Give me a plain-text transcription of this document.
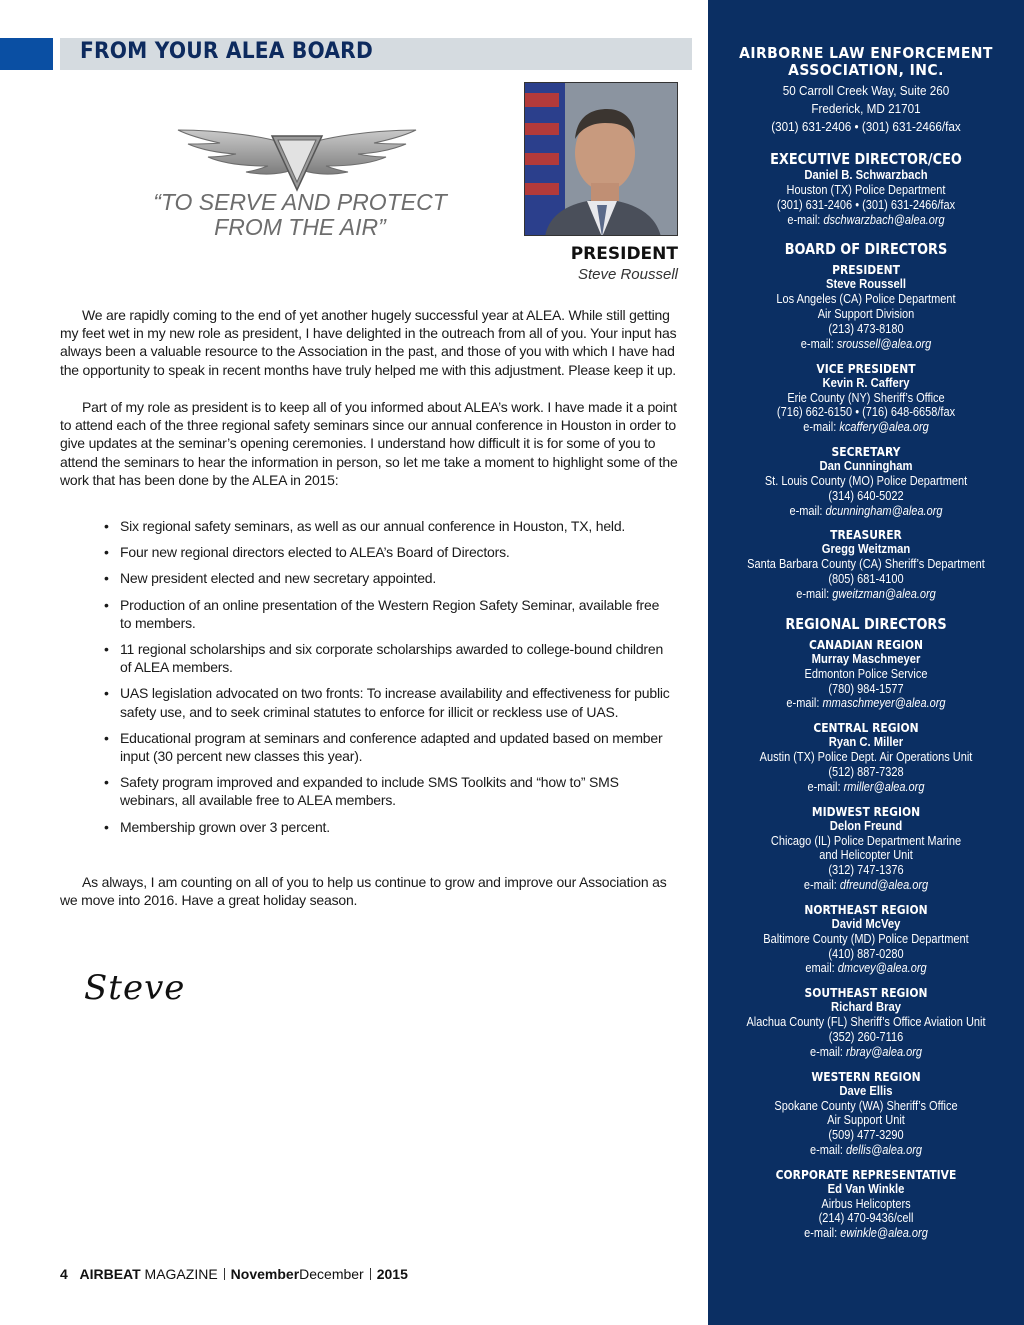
FROM YOUR ALEA BOARD
“TO SERVE AND PROTECT
FROM THE AIR”
PRESIDENT
Steve Roussell

We are rapidly coming to the end of yet another hugely successful year at ALEA. While still getting my feet wet in my new role as president, I have delighted in the outreach from all of you. Your input has always been a valuable resource to the Association in the past, and those of you with which I have had the opportunity to speak in recent months have truly helped me with this adjustment. Please keep it up.

Part of my role as president is to keep all of you informed about ALEA’s work. I have made it a point to attend each of the three regional safety seminars since our annual conference in Houston in order to give updates at the seminar’s opening ceremonies. I understand how difficult it is for some of you to attend the seminars to hear the information in person, so let me take a moment to highlight some of the work that has been done by the ALEA in 2015:

• Six regional safety seminars, as well as our annual conference in Houston, TX, held.
• Four new regional directors elected to ALEA’s Board of Directors.
• New president elected and new secretary appointed.
• Production of an online presentation of the Western Region Safety Seminar, available free to members.
• 11 regional scholarships and six corporate scholarships awarded to college-bound children of ALEA members.
• UAS legislation advocated on two fronts: To increase availability and effectiveness for public safety use, and to seek criminal statutes to enforce for illicit or reckless use of UAS.
• Educational program at seminars and conference adapted and updated based on member input (30 percent new classes this year).
• Safety program improved and expanded to include SMS Toolkits and “how to” SMS webinars, all available free to ALEA members.
• Membership grown over 3 percent.

As always, I am counting on all of you to help us continue to grow and improve our Association as we move into 2016. Have a great holiday season.

Steve
4 AIRBEAT MAGAZINE NovemberDecember 2015
AIRBORNE LAW ENFORCEMENT
ASSOCIATION, INC.
50 Carroll Creek Way, Suite 260
Frederick, MD 21701
(301) 631-2406 • (301) 631-2466/fax
EXECUTIVE DIRECTOR/CEO
Daniel B. Schwarzbach
Houston (TX) Police Department
(301) 631-2406 • (301) 631-2466/fax
e-mail: dschwarzbach@alea.org
BOARD OF DIRECTORS
PRESIDENT
Steve Roussell
Los Angeles (CA) Police Department
Air Support Division
(213) 473-8180
e-mail: sroussell@alea.org
VICE PRESIDENT
Kevin R. Caffery
Erie County (NY) Sheriff’s Office
(716) 662-6150 • (716) 648-6658/fax
e-mail: kcaffery@alea.org
SECRETARY
Dan Cunningham
St. Louis County (MO) Police Department
(314) 640-5022
e-mail: dcunningham@alea.org
TREASURER
Gregg Weitzman
Santa Barbara County (CA) Sheriff’s Department
(805) 681-4100
e-mail: gweitzman@alea.org
REGIONAL DIRECTORS
CANADIAN REGION
Murray Maschmeyer
Edmonton Police Service
(780) 984-1577
e-mail: mmaschmeyer@alea.org
CENTRAL REGION
Ryan C. Miller
Austin (TX) Police Dept. Air Operations Unit
(512) 887-7328
e-mail: rmiller@alea.org
MIDWEST REGION
Delon Freund
Chicago (IL) Police Department Marine
and Helicopter Unit
(312) 747-1376
e-mail: dfreund@alea.org
NORTHEAST REGION
David McVey
Baltimore County (MD) Police Department
(410) 887-0280
email: dmcvey@alea.org
SOUTHEAST REGION
Richard Bray
Alachua County (FL) Sheriff’s Office Aviation Unit
(352) 260-7116
e-mail: rbray@alea.org
WESTERN REGION
Dave Ellis
Spokane County (WA) Sheriff’s Office
Air Support Unit
(509) 477-3290
e-mail: dellis@alea.org
CORPORATE REPRESENTATIVE
Ed Van Winkle
Airbus Helicopters
(214) 470-9436/cell
e-mail: ewinkle@alea.org
